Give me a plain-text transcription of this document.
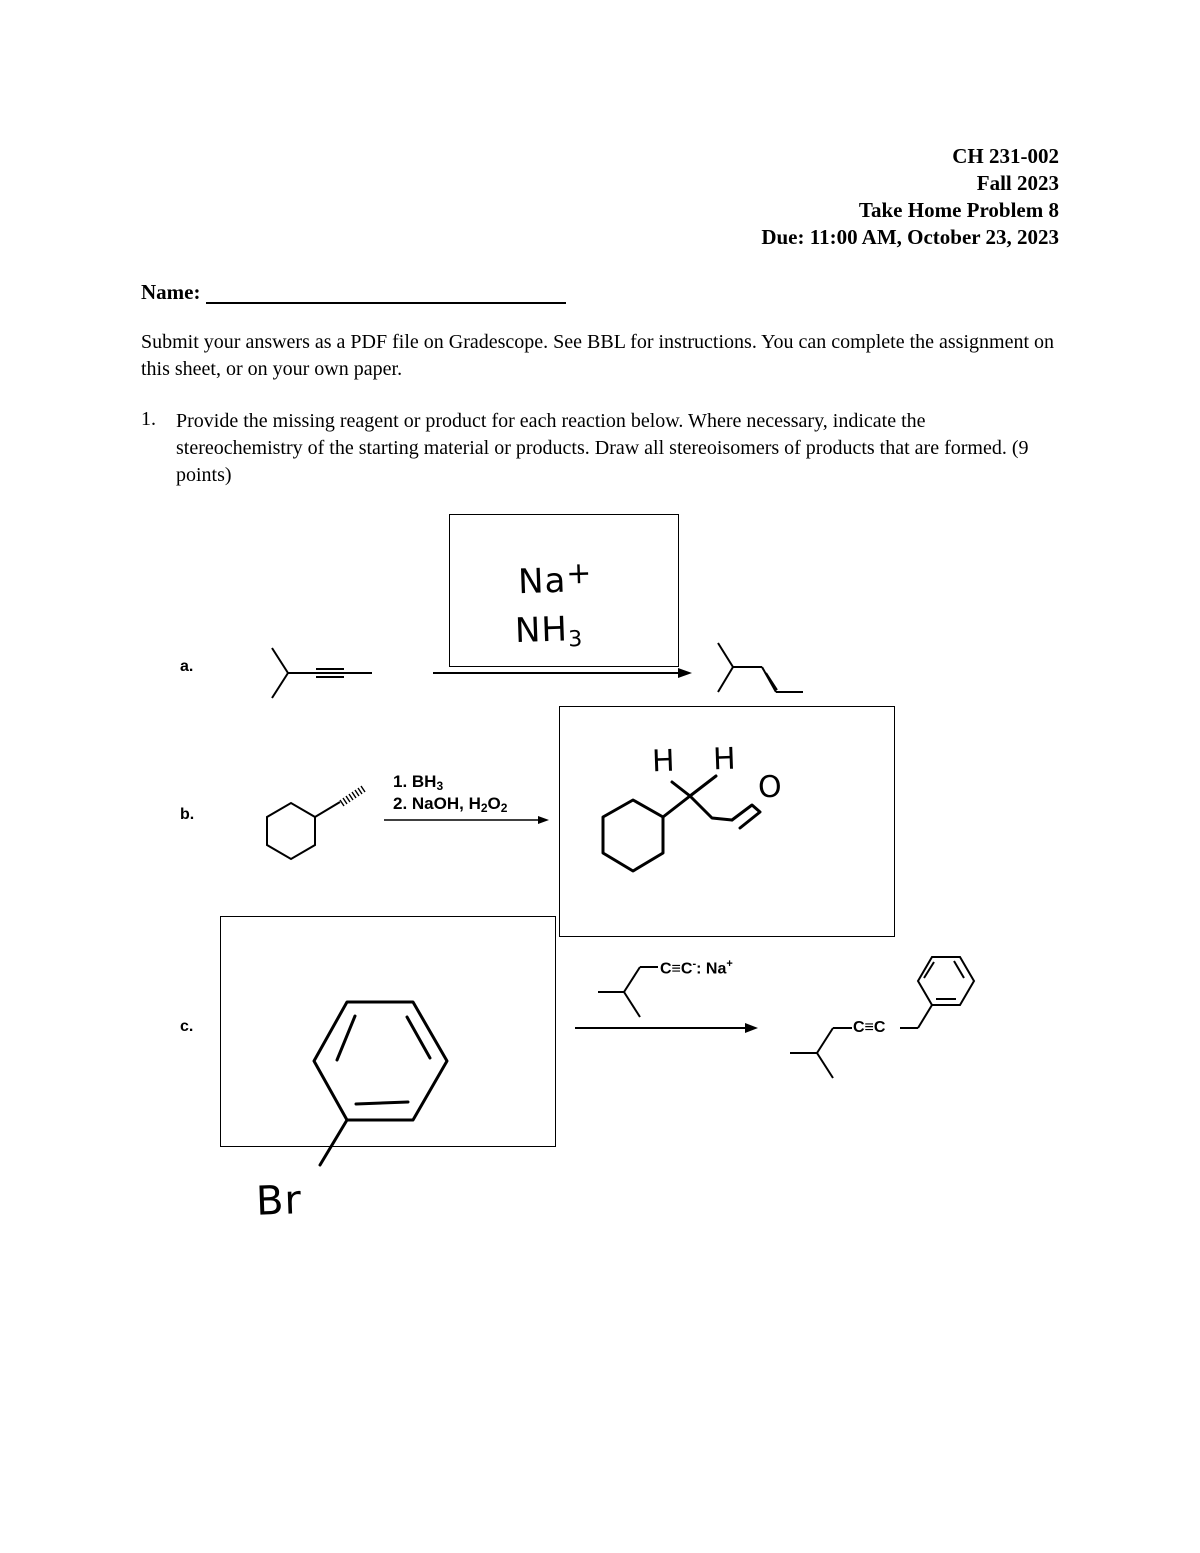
CH 231-002
Fall 2023
Take Home Problem 8
Due: 11:00 AM, October 23, 2023
Name:
Submit your answers as a PDF file on Gradescope. See BBL for instructions. You can complete the assignment on this sheet, or on your own paper.
1. Provide the missing reagent or product for each reaction below. Where necessary, indicate the stereochemistry of the starting material or products. Draw all stereoisomers of products that are formed. (9 points)
a.
Na+
$NH_3$
b.
1. $BH_3$
2. NaOH, $H_2O_2$
H H
O
c.
C≡C-: Na+
C≡C
Br
